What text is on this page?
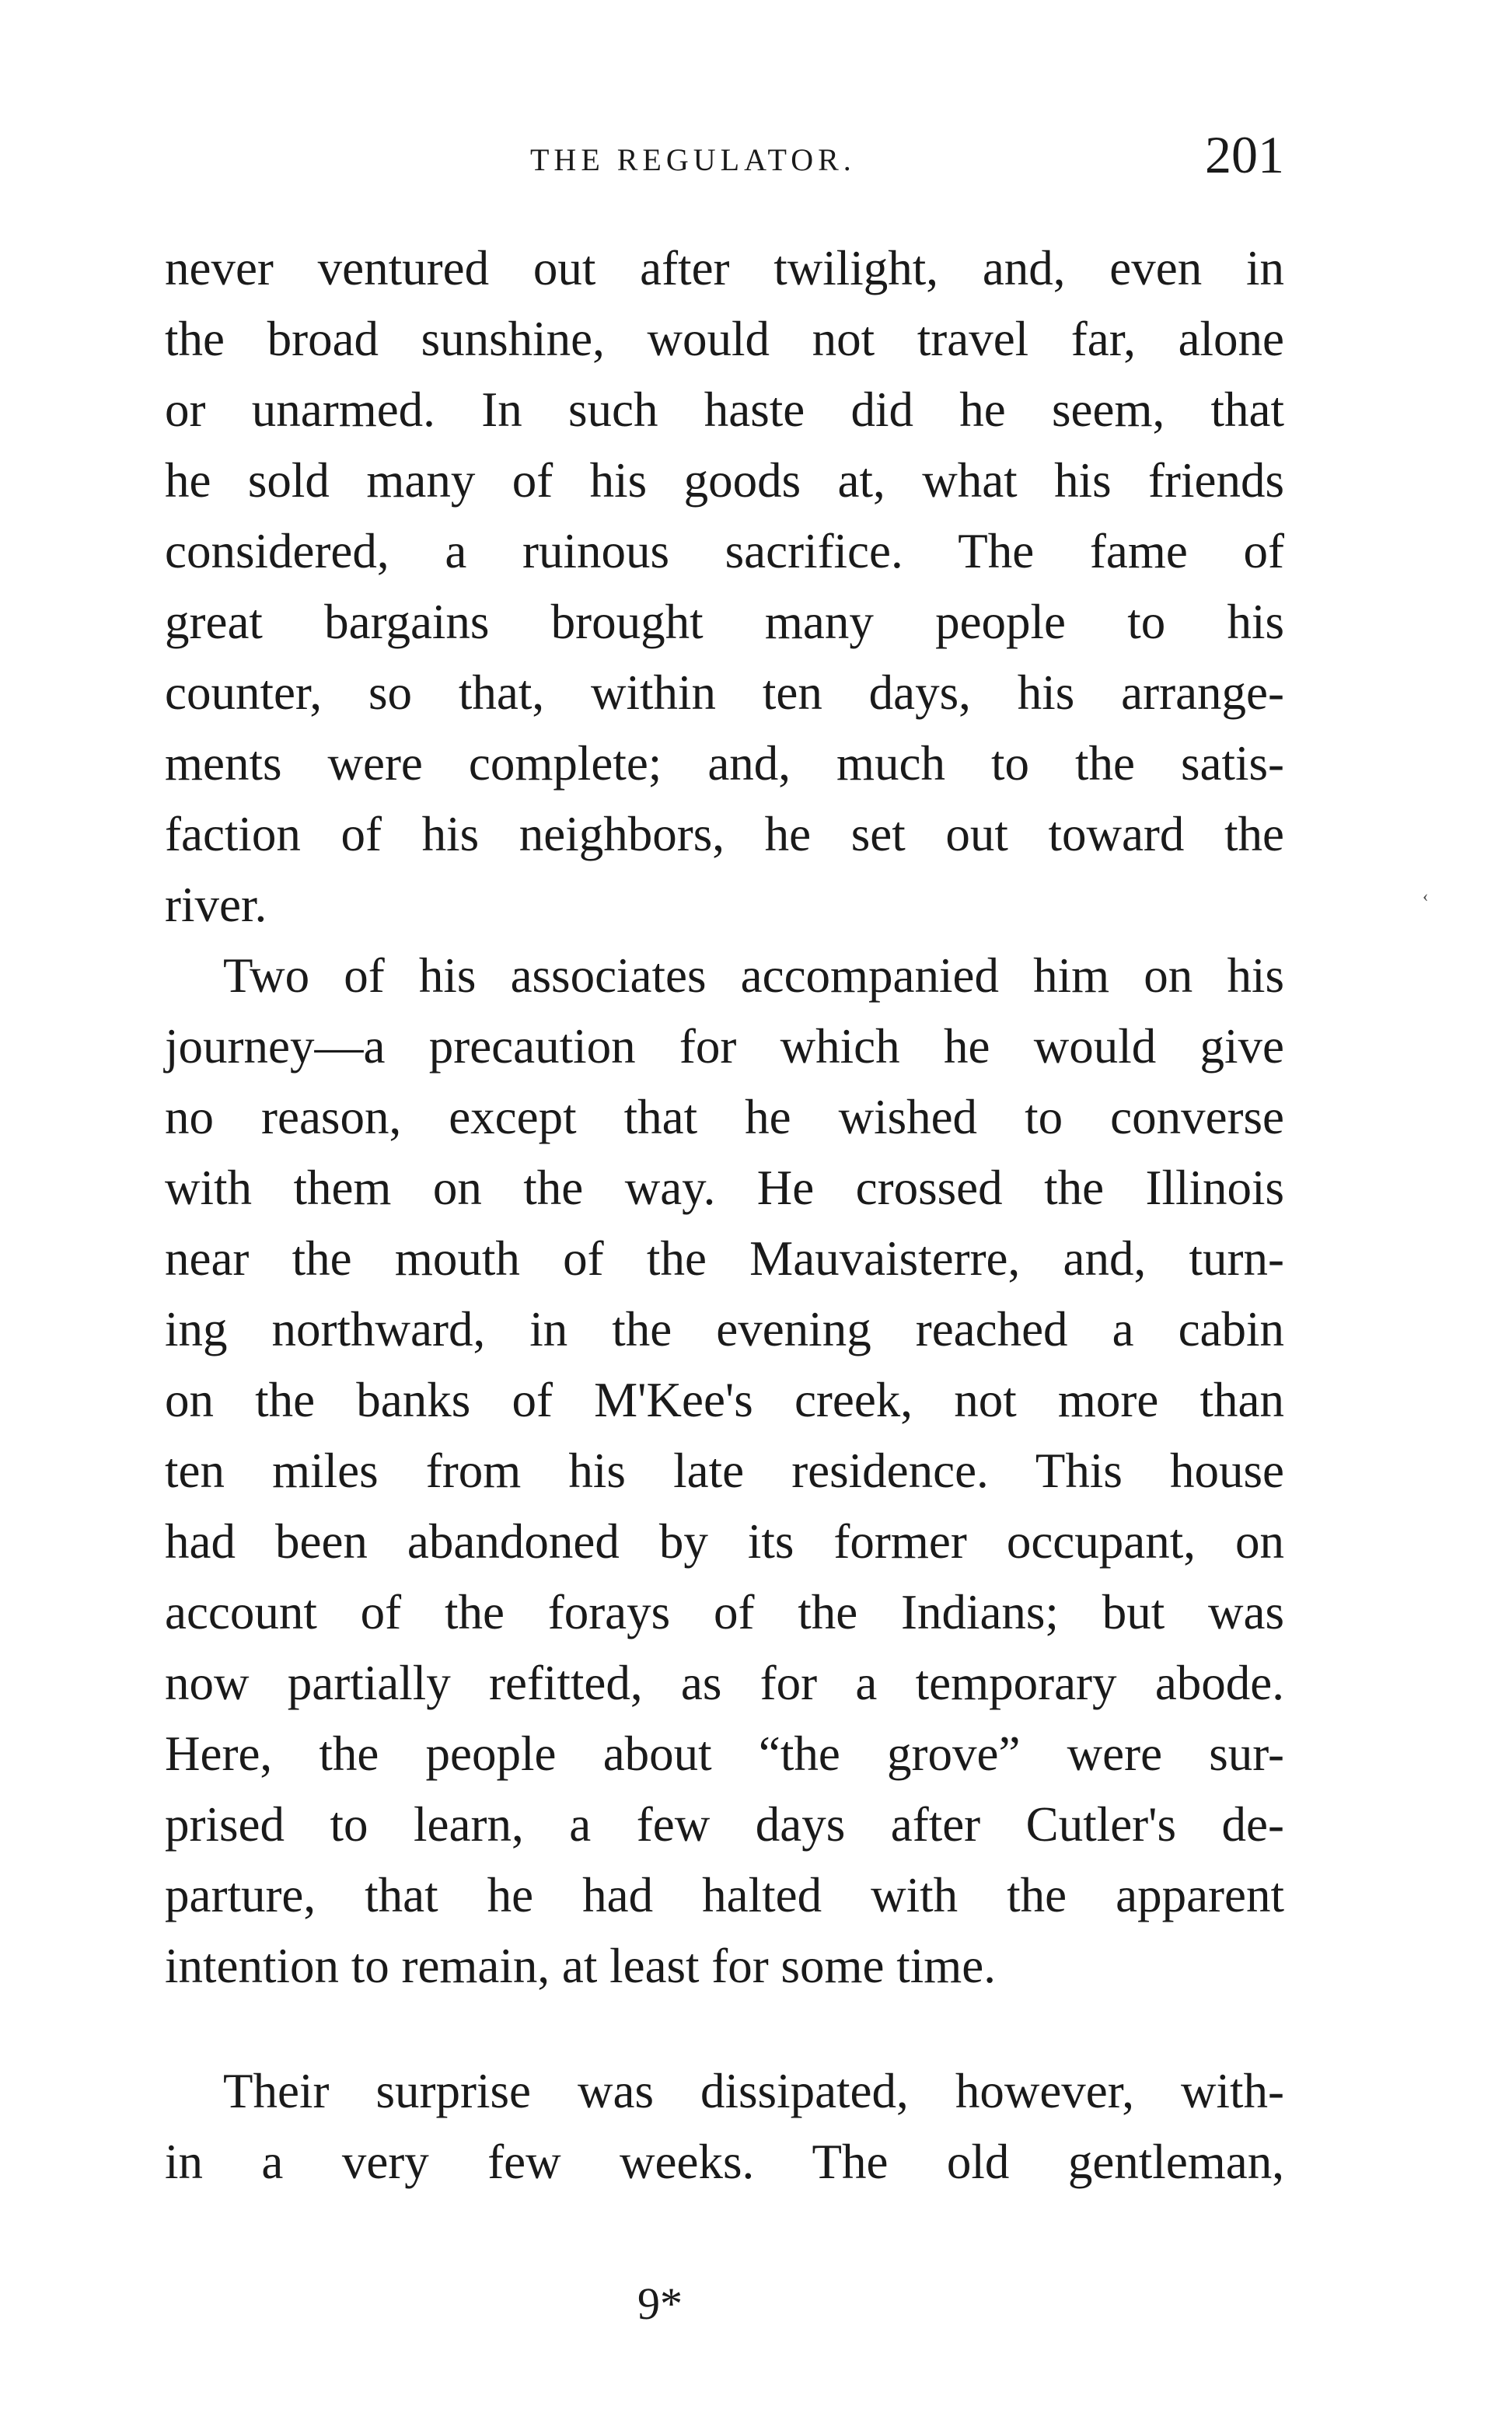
THE REGULATOR.	201
never ventured out after twilight, and, even in
the broad sunshine, would not travel far, alone
or unarmed. In such haste did he seem, that
he sold many of his goods at, what his friends
considered, a ruinous sacrifice. The fame of
great bargains brought many people to his
counter, so that, within ten days, his arrange-
ments were complete; and, much to the satis-
faction of his neighbors, he set out toward the
river.
Two of his associates accompanied him on his
journey—a precaution for which he would give
no reason, except that he wished to converse
with them on the way. He crossed the Illinois
near the mouth of the Mauvaisterre, and, turn-
ing northward, in the evening reached a cabin
on the banks of M'Kee's creek, not more than
ten miles from his late residence. This house
had been abandoned by its former occupant, on
account of the forays of the Indians; but was
now partially refitted, as for a temporary abode.
Here, the people about “the grove” were sur-
prised to learn, a few days after Cutler's de-
parture, that he had halted with the apparent
intention to remain, at least for some time.
Their surprise was dissipated, however, with-
in a very few weeks. The old gentleman,
9*
‹
